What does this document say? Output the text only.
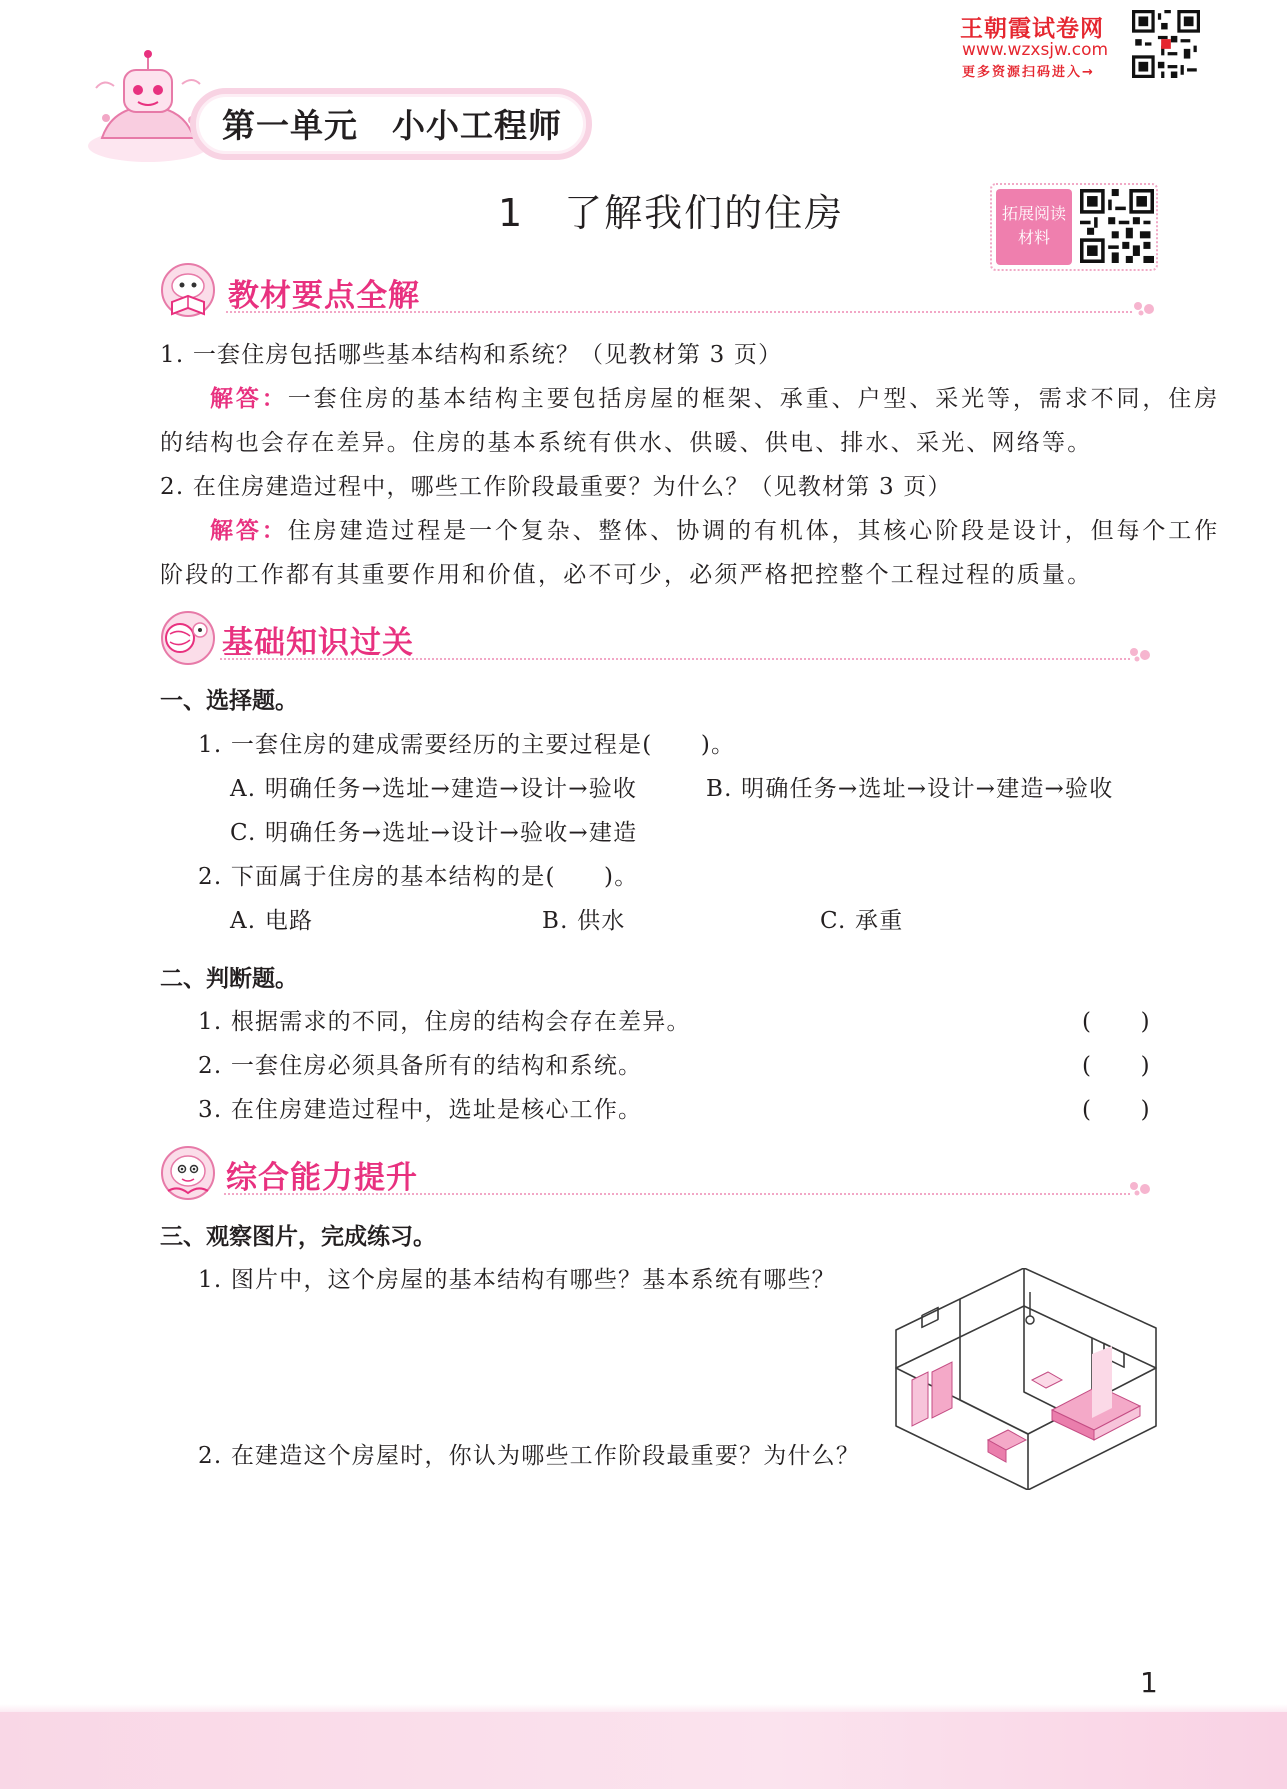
王朝霞试卷网
www.wzxsjw.com
更多资源扫码进入→
第一单元　小小工程师
1　了解我们的住房	拓展阅读
材料
教材要点全解
1. 一套住房包括哪些基本结构和系统？（见教材第 3 页）
解答：一套住房的基本结构主要包括房屋的框架、承重、户型、采光等，需求不同，住房
的结构也会存在差异。住房的基本系统有供水、供暖、供电、排水、采光、网络等。
2. 在住房建造过程中，哪些工作阶段最重要？为什么？（见教材第 3 页）
解答：住房建造过程是一个复杂、整体、协调的有机体，其核心阶段是设计，但每个工作
阶段的工作都有其重要作用和价值，必不可少，必须严格把控整个工程过程的质量。
基础知识过关
一、选择题。
1. 一套住房的建成需要经历的主要过程是(　　)。
A. 明确任务→选址→建造→设计→验收	B. 明确任务→选址→设计→建造→验收
C. 明确任务→选址→设计→验收→建造
2. 下面属于住房的基本结构的是(　　)。
A. 电路	B. 供水	C. 承重
二、判断题。
1. 根据需求的不同，住房的结构会存在差异。	(　　)
2. 一套住房必须具备所有的结构和系统。	(　　)
3. 在住房建造过程中，选址是核心工作。	(　　)
综合能力提升
三、观察图片，完成练习。
1. 图片中，这个房屋的基本结构有哪些？基本系统有哪些？
2. 在建造这个房屋时，你认为哪些工作阶段最重要？为什么？
1
